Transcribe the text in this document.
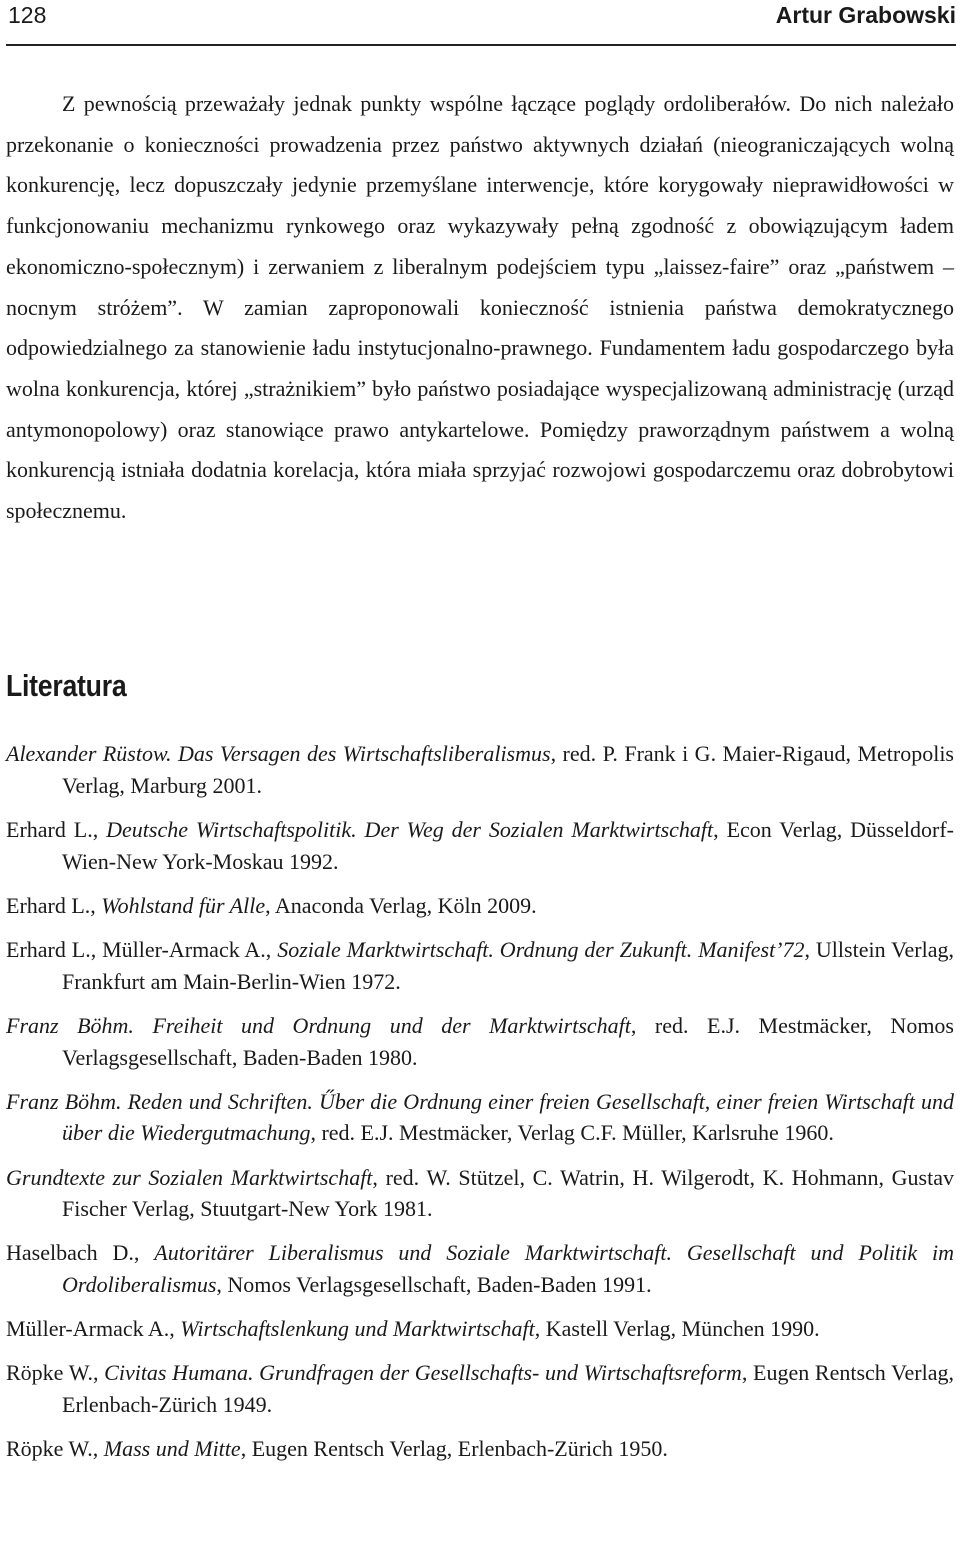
128	Artur Grabowski

Z pewnością przeważały jednak punkty wspólne łączące poglądy ordoliberałów. Do nich należało przekonanie o konieczności prowadzenia przez państwo aktywnych działań (nieograniczających wolną konkurencję, lecz dopuszczały jedynie przemyślane interwencje, które korygowały nieprawidłowości w funkcjonowaniu mechanizmu rynkowego oraz wykazywały pełną zgodność z obowiązującym ładem ekonomiczno-społecznym) i zerwaniem z liberalnym podejściem typu „laissez-faire” oraz „państwem – nocnym stróżem”. W zamian zaproponowali konieczność istnienia państwa demokratycznego odpowiedzialnego za stanowienie ładu instytucjonalno-prawnego. Fundamentem ładu gospodarczego była wolna konkurencja, której „strażnikiem” było państwo posiadające wyspecjalizowaną administrację (urząd antymonopolowy) oraz stanowiące prawo antykartelowe. Pomiędzy praworządnym państwem a wolną konkurencją istniała dodatnia korelacja, która miała sprzyjać rozwojowi gospodarczemu oraz dobrobytowi społecznemu.

Literatura

Alexander Rüstow. Das Versagen des Wirtschaftsliberalismus, red. P. Frank i G. Maier-Rigaud, Metropolis Verlag, Marburg 2001.

Erhard L., Deutsche Wirtschaftspolitik. Der Weg der Sozialen Marktwirtschaft, Econ Verlag, Düsseldorf-Wien-New York-Moskau 1992.

Erhard L., Wohlstand für Alle, Anaconda Verlag, Köln 2009.

Erhard L., Müller-Armack A., Soziale Marktwirtschaft. Ordnung der Zukunft. Manifest’72, Ullstein Verlag, Frankfurt am Main-Berlin-Wien 1972.

Franz Böhm. Freiheit und Ordnung und der Marktwirtschaft, red. E.J. Mestmäcker, Nomos Verlagsgesellschaft, Baden-Baden 1980.

Franz Böhm. Reden und Schriften. Űber die Ordnung einer freien Gesellschaft, einer freien Wirtschaft und über die Wiedergutmachung, red. E.J. Mestmäcker, Verlag C.F. Müller, Karlsruhe 1960.

Grundtexte zur Sozialen Marktwirtschaft, red. W. Stützel, C. Watrin, H. Wilgerodt, K. Hohmann, Gustav Fischer Verlag, Stuutgart-New York 1981.

Haselbach D., Autoritärer Liberalismus und Soziale Marktwirtschaft. Gesellschaft und Politik im Ordoliberalismus, Nomos Verlagsgesellschaft, Baden-Baden 1991.

Müller-Armack A., Wirtschaftslenkung und Marktwirtschaft, Kastell Verlag, München 1990.

Röpke W., Civitas Humana. Grundfragen der Gesellschafts- und Wirtschaftsreform, Eugen Rentsch Verlag, Erlenbach-Zürich 1949.

Röpke W., Mass und Mitte, Eugen Rentsch Verlag, Erlenbach-Zürich 1950.
